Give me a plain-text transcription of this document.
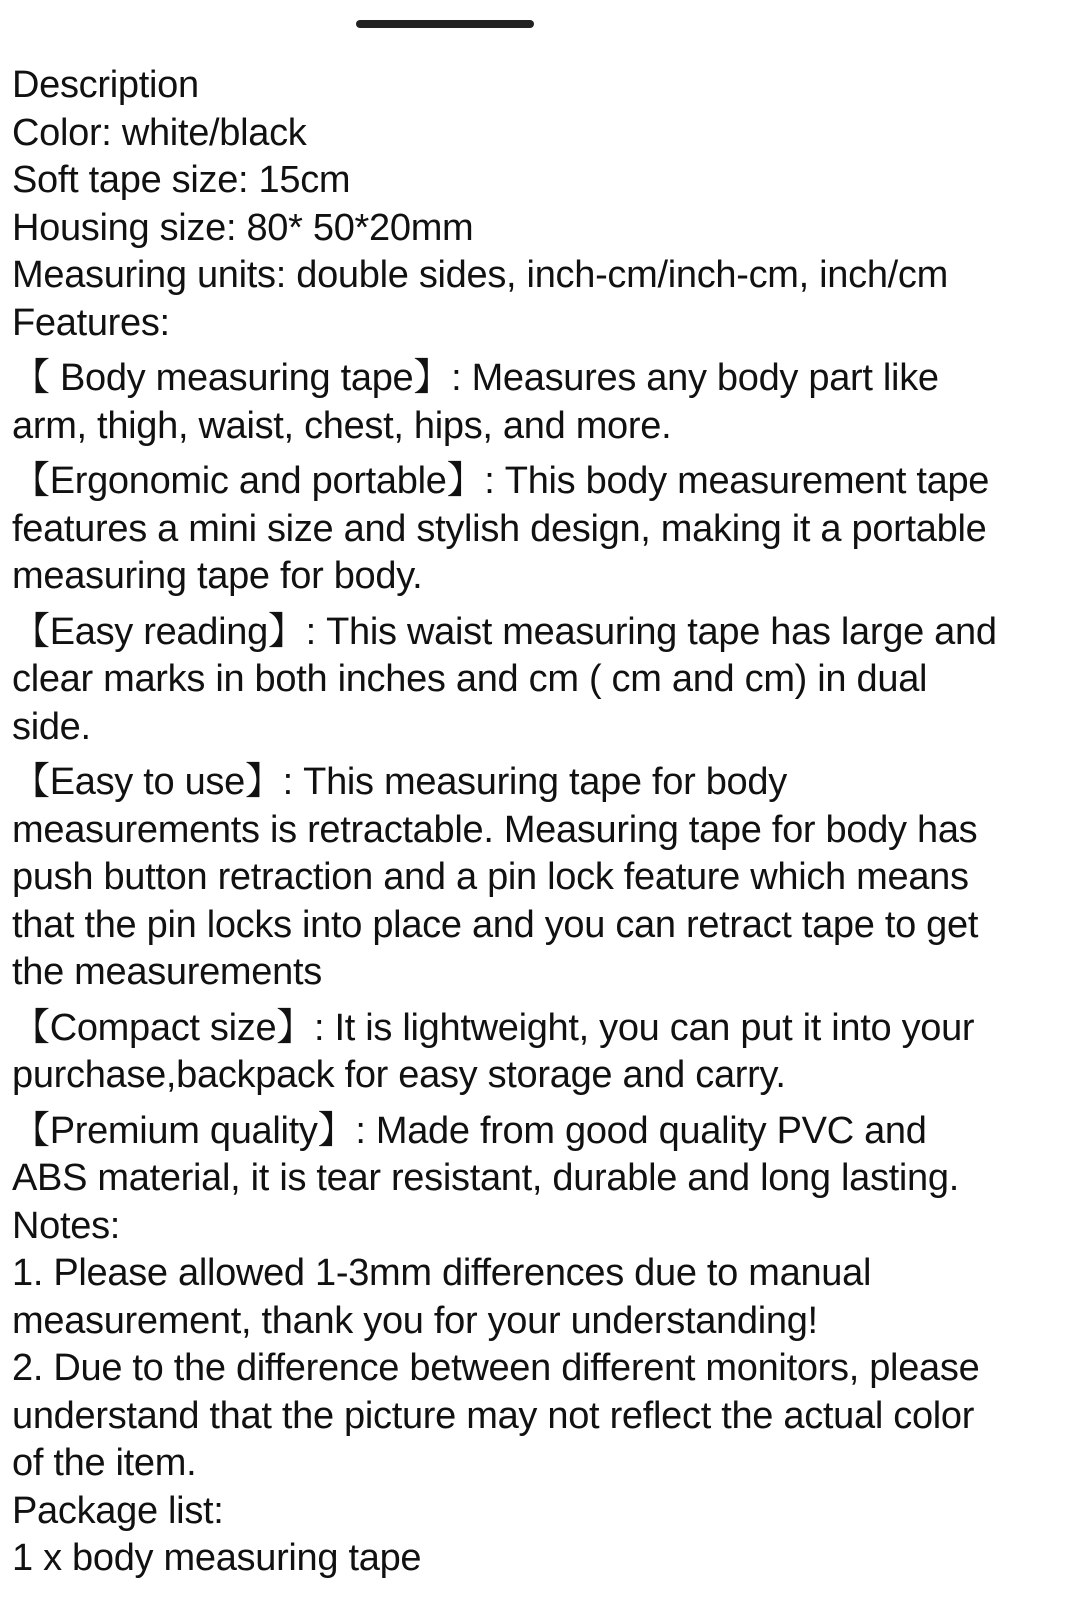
Description
Color: white/black
Soft tape size: 15cm
Housing size: 80* 50*20mm
Measuring units: double sides, inch-cm/inch-cm, inch/cm
Features:
【 Body measuring tape】: Measures any body part like
arm, thigh, waist, chest, hips, and more.
【Ergonomic and portable】: This body measurement tape
features a mini size and stylish design, making it a portable
measuring tape for body.
【Easy reading】: This waist measuring tape has large and
clear marks in both inches and cm ( cm and cm) in dual
side.
【Easy to use】: This measuring tape for body
measurements is retractable. Measuring tape for body has
push button retraction and a pin lock feature which means
that the pin locks into place and you can retract tape to get
the measurements
【Compact size】: It is lightweight, you can put it into your
purchase,backpack for easy storage and carry.
【Premium quality】: Made from good quality PVC and
ABS material, it is tear resistant, durable and long lasting.
Notes:
1. Please allowed 1-3mm differences due to manual
measurement, thank you for your understanding!
2. Due to the difference between different monitors, please
understand that the picture may not reflect the actual color
of the item.
Package list:
1 x body measuring tape
